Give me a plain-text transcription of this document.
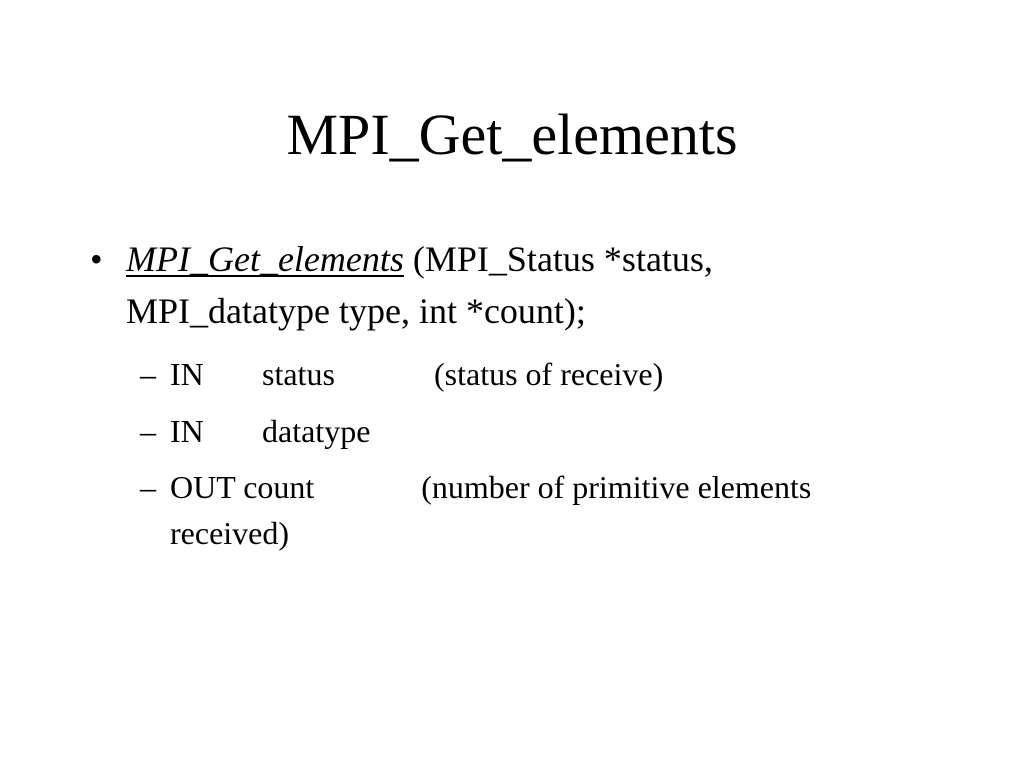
MPI_Get_elements
• MPI_Get_elements (MPI_Status *status,
MPI_datatype type, int *count);
– IN status	(status of receive)
– IN datatype
– OUT count	(number of primitive elements
received)
